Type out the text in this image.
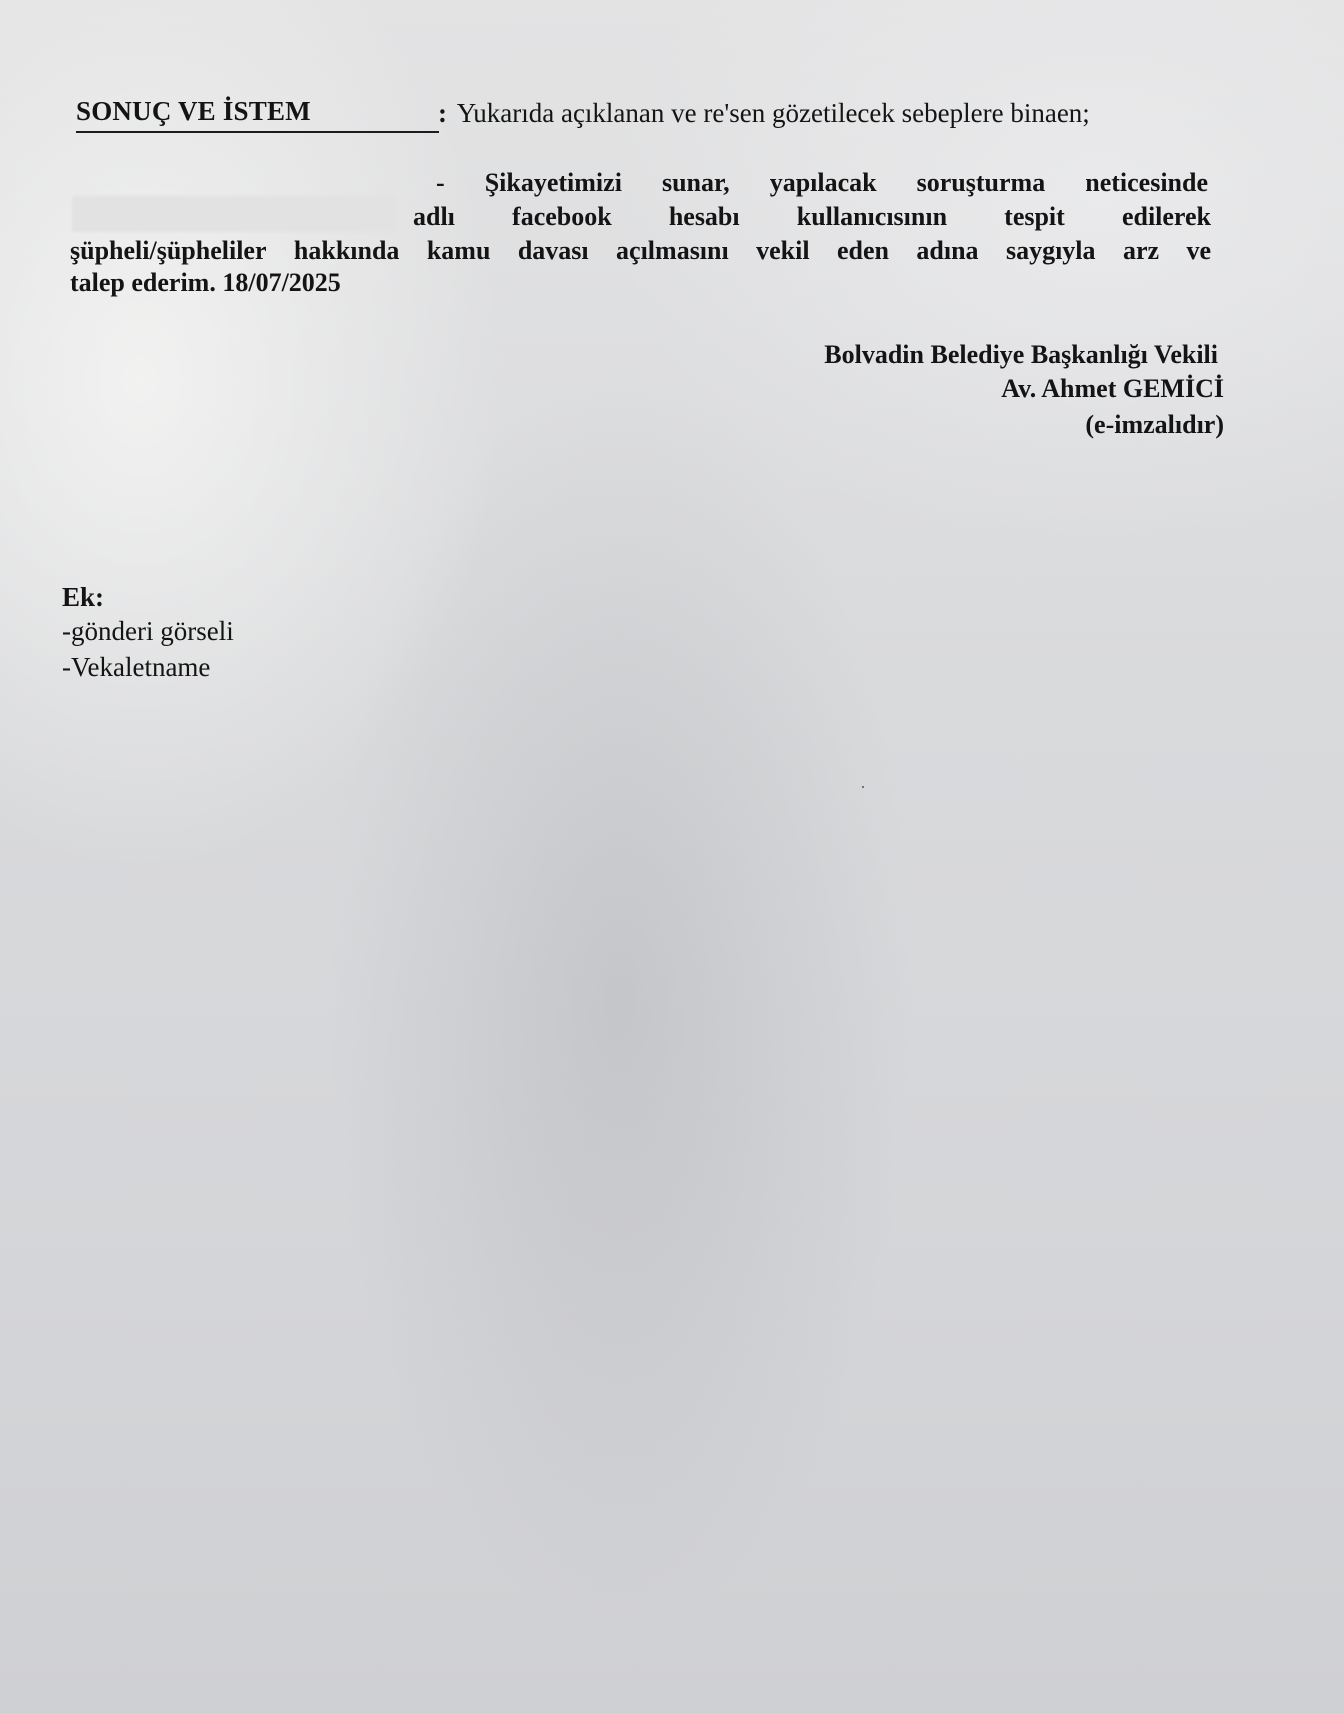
SONUÇ VE İSTEM	: Yukarıda açıklanan ve re'sen gözetilecek sebeplere binaen;
- Şikayetimizi sunar, yapılacak soruşturma neticesinde
adlı facebook hesabı kullanıcısının tespit edilerek
şüpheli/şüpheliler hakkında kamu davası açılmasını vekil eden adına saygıyla arz ve
talep ederim. 18/07/2025
Bolvadin Belediye Başkanlığı Vekili
Av. Ahmet GEMİCİ
(e-imzalıdır)
Ek:
-gönderi görseli
-Vekaletname
